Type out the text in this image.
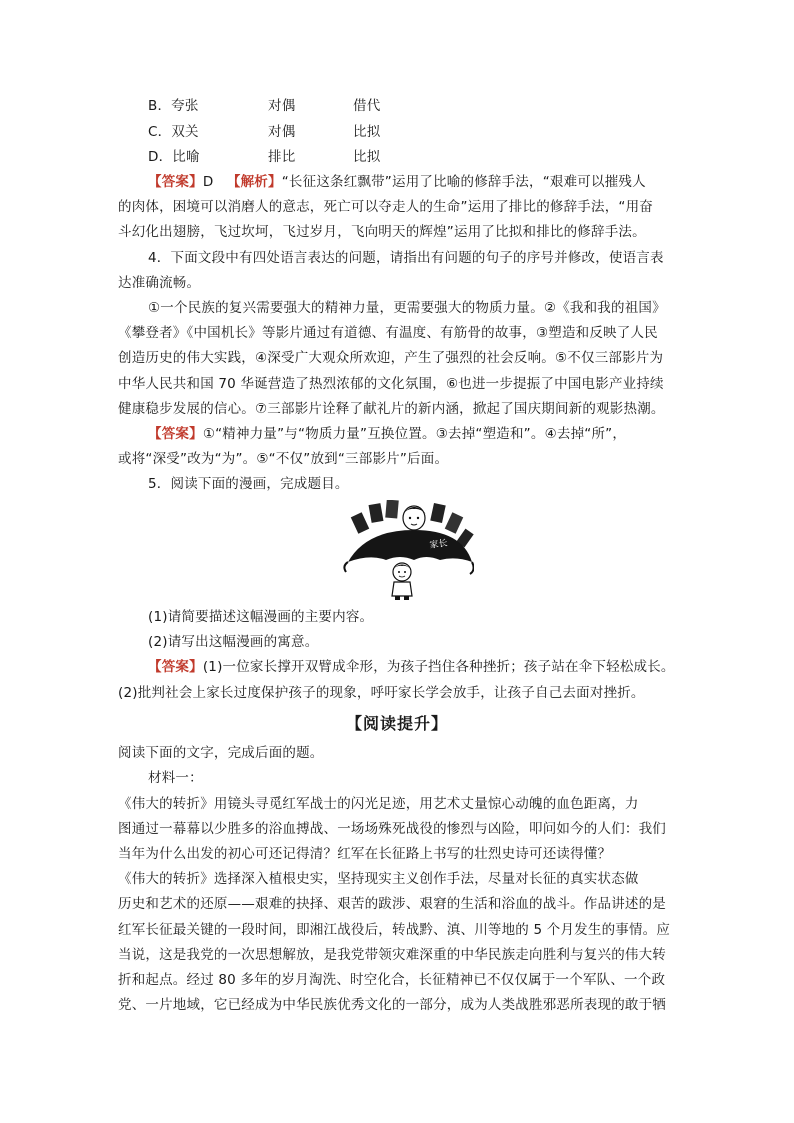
B．夸张	对偶	借代
C．双关	对偶	比拟
D．比喻	排比	比拟
【答案】D 【解析】“长征这条红飘带”运用了比喻的修辞手法，“艰难可以摧残人
的肉体，困境可以消磨人的意志，死亡可以夺走人的生命”运用了排比的修辞手法，“用奋
斗幻化出翅膀，飞过坎坷，飞过岁月，飞向明天的辉煌”运用了比拟和排比的修辞手法。
4．下面文段中有四处语言表达的问题，请指出有问题的句子的序号并修改，使语言表
达准确流畅。
①一个民族的复兴需要强大的精神力量，更需要强大的物质力量。②《我和我的祖国》
《攀登者》《中国机长》等影片通过有道德、有温度、有筋骨的故事，③塑造和反映了人民
创造历史的伟大实践，④深受广大观众所欢迎，产生了强烈的社会反响。⑤不仅三部影片为
中华人民共和国 70 华诞营造了热烈浓郁的文化氛围，⑥也进一步提振了中国电影产业持续
健康稳步发展的信心。⑦三部影片诠释了献礼片的新内涵，掀起了国庆期间新的观影热潮。
【答案】①“精神力量”与“物质力量”互换位置。③去掉“塑造和”。④去掉“所”，
或将“深受”改为“为”。⑤“不仅”放到“三部影片”后面。
5．阅读下面的漫画，完成题目。
家长
(1)请简要描述这幅漫画的主要内容。
(2)请写出这幅漫画的寓意。
【答案】(1)一位家长撑开双臂成伞形，为孩子挡住各种挫折；孩子站在伞下轻松成长。
(2)批判社会上家长过度保护孩子的现象，呼吁家长学会放手，让孩子自己去面对挫折。
【阅读提升】
阅读下面的文字，完成后面的题。
材料一：
《伟大的转折》用镜头寻觅红军战士的闪光足迹，用艺术丈量惊心动魄的血色距离，力
图通过一幕幕以少胜多的浴血搏战、一场场殊死战役的惨烈与凶险，叩问如今的人们：我们
当年为什么出发的初心可还记得清？红军在长征路上书写的壮烈史诗可还读得懂？
《伟大的转折》选择深入植根史实，坚持现实主义创作手法，尽量对长征的真实状态做
历史和艺术的还原——艰难的抉择、艰苦的跋涉、艰窘的生活和浴血的战斗。作品讲述的是
红军长征最关键的一段时间，即湘江战役后，转战黔、滇、川等地的 5 个月发生的事情。应
当说，这是我党的一次思想解放，是我党带领灾难深重的中华民族走向胜利与复兴的伟大转
折和起点。经过 80 多年的岁月淘洗、时空化合，长征精神已不仅仅属于一个军队、一个政
党、一片地域，它已经成为中华民族优秀文化的一部分，成为人类战胜邪恶所表现的敢于牺
